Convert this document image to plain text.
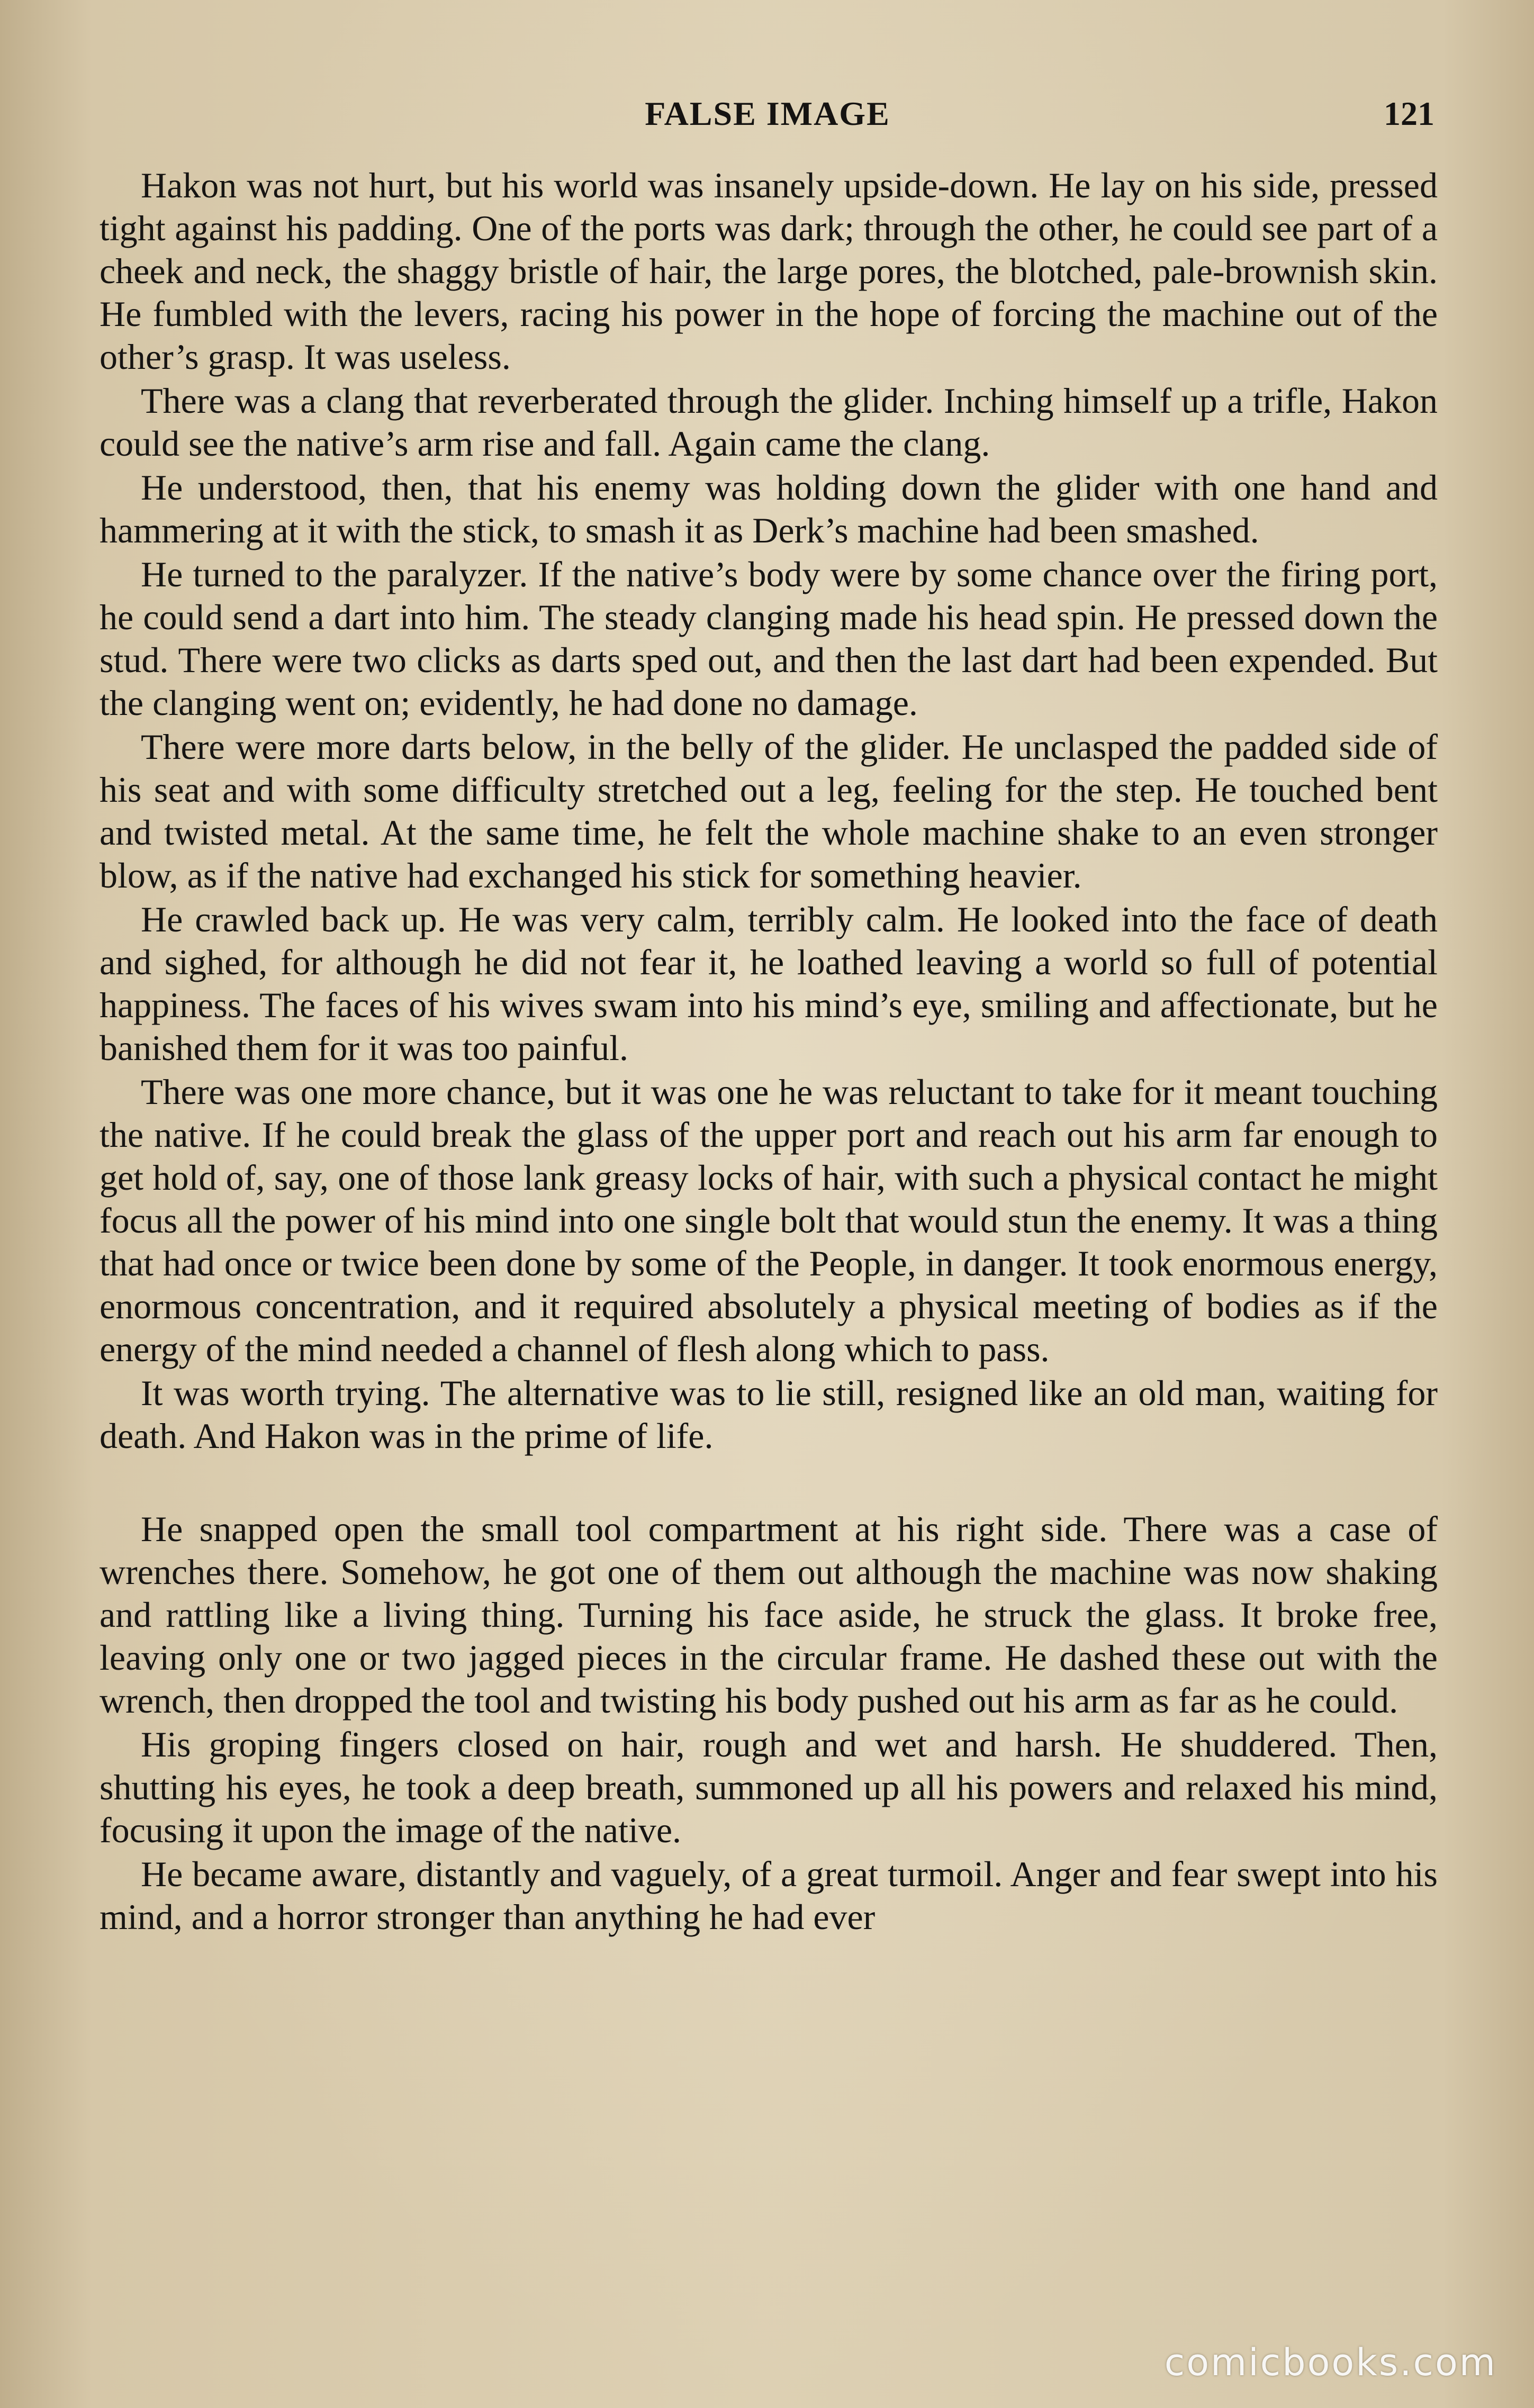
FALSE IMAGE	121

Hakon was not hurt, but his world was insanely upside-down. He lay on his side, pressed tight against his padding. One of the ports was dark; through the other, he could see part of a cheek and neck, the shaggy bristle of hair, the large pores, the blotched, pale-brownish skin. He fumbled with the levers, racing his power in the hope of forcing the machine out of the other’s grasp. It was useless.

There was a clang that reverberated through the glider. Inching himself up a trifle, Hakon could see the native’s arm rise and fall. Again came the clang.

He understood, then, that his enemy was holding down the glider with one hand and hammering at it with the stick, to smash it as Derk’s machine had been smashed.

He turned to the paralyzer. If the native’s body were by some chance over the firing port, he could send a dart into him. The steady clanging made his head spin. He pressed down the stud. There were two clicks as darts sped out, and then the last dart had been expended. But the clanging went on; evidently, he had done no damage.

There were more darts below, in the belly of the glider. He unclasped the padded side of his seat and with some difficulty stretched out a leg, feeling for the step. He touched bent and twisted metal. At the same time, he felt the whole machine shake to an even stronger blow, as if the native had exchanged his stick for something heavier.

He crawled back up. He was very calm, terribly calm. He looked into the face of death and sighed, for although he did not fear it, he loathed leaving a world so full of potential happiness. The faces of his wives swam into his mind’s eye, smiling and affectionate, but he banished them for it was too painful.

There was one more chance, but it was one he was reluctant to take for it meant touching the native. If he could break the glass of the upper port and reach out his arm far enough to get hold of, say, one of those lank greasy locks of hair, with such a physical contact he might focus all the power of his mind into one single bolt that would stun the enemy. It was a thing that had once or twice been done by some of the People, in danger. It took enormous energy, enormous concentration, and it required absolutely a physical meeting of bodies as if the energy of the mind needed a channel of flesh along which to pass.

It was worth trying. The alternative was to lie still, resigned like an old man, waiting for death. And Hakon was in the prime of life.

He snapped open the small tool compartment at his right side. There was a case of wrenches there. Somehow, he got one of them out although the machine was now shaking and rattling like a living thing. Turning his face aside, he struck the glass. It broke free, leaving only one or two jagged pieces in the circular frame. He dashed these out with the wrench, then dropped the tool and twisting his body pushed out his arm as far as he could.

His groping fingers closed on hair, rough and wet and harsh. He shuddered. Then, shutting his eyes, he took a deep breath, summoned up all his powers and relaxed his mind, focusing it upon the image of the native.

He became aware, distantly and vaguely, of a great turmoil. Anger and fear swept into his mind, and a horror stronger than anything he had ever

comicbooks.com
